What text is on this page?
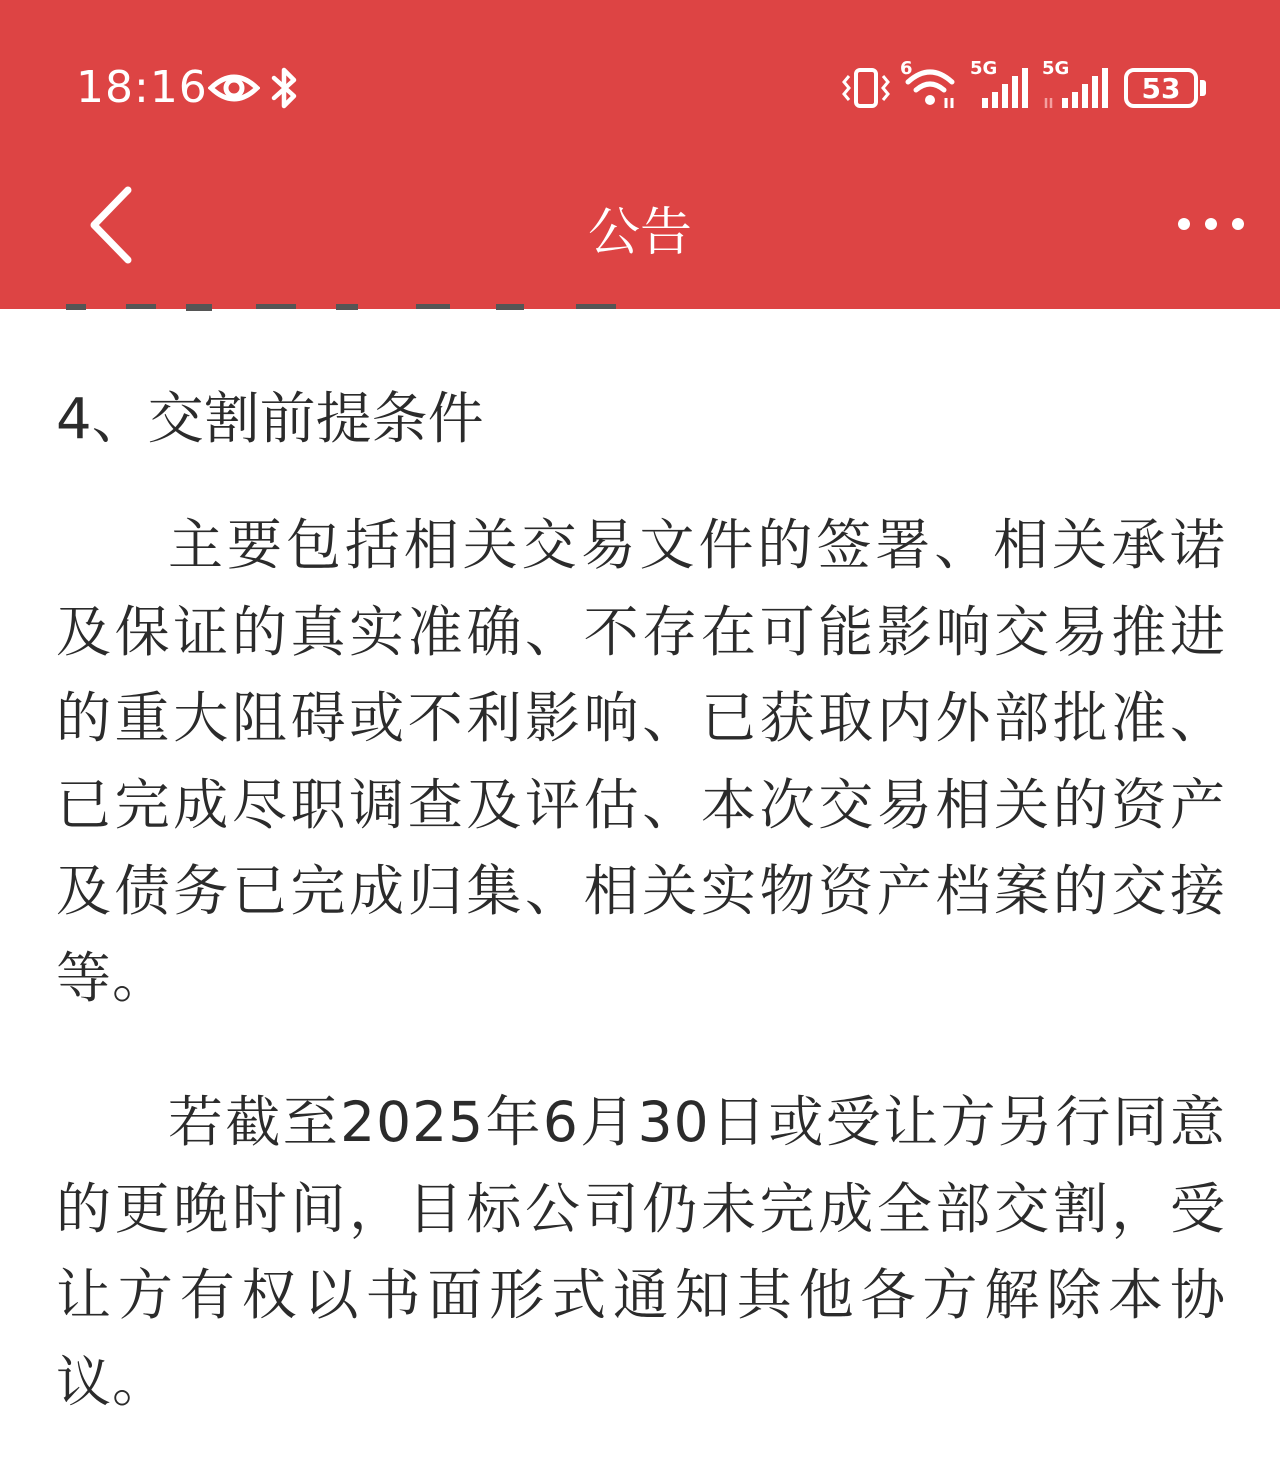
18:16	6	5G 5G
53
公告
4、交割前提条件

主要包括相关交易文件的签署、相关承诺及保证的真实准确、不存在可能影响交易推进的重大阻碍或不利影响、已获取内外部批准、已完成尽职调查及评估、本次交易相关的资产及债务已完成归集、相关实物资产档案的交接等。

若截至2025年6月30日或受让方另行同意的更晚时间，目标公司仍未完成全部交割，受让方有权以书面形式通知其他各方解除本协议。
